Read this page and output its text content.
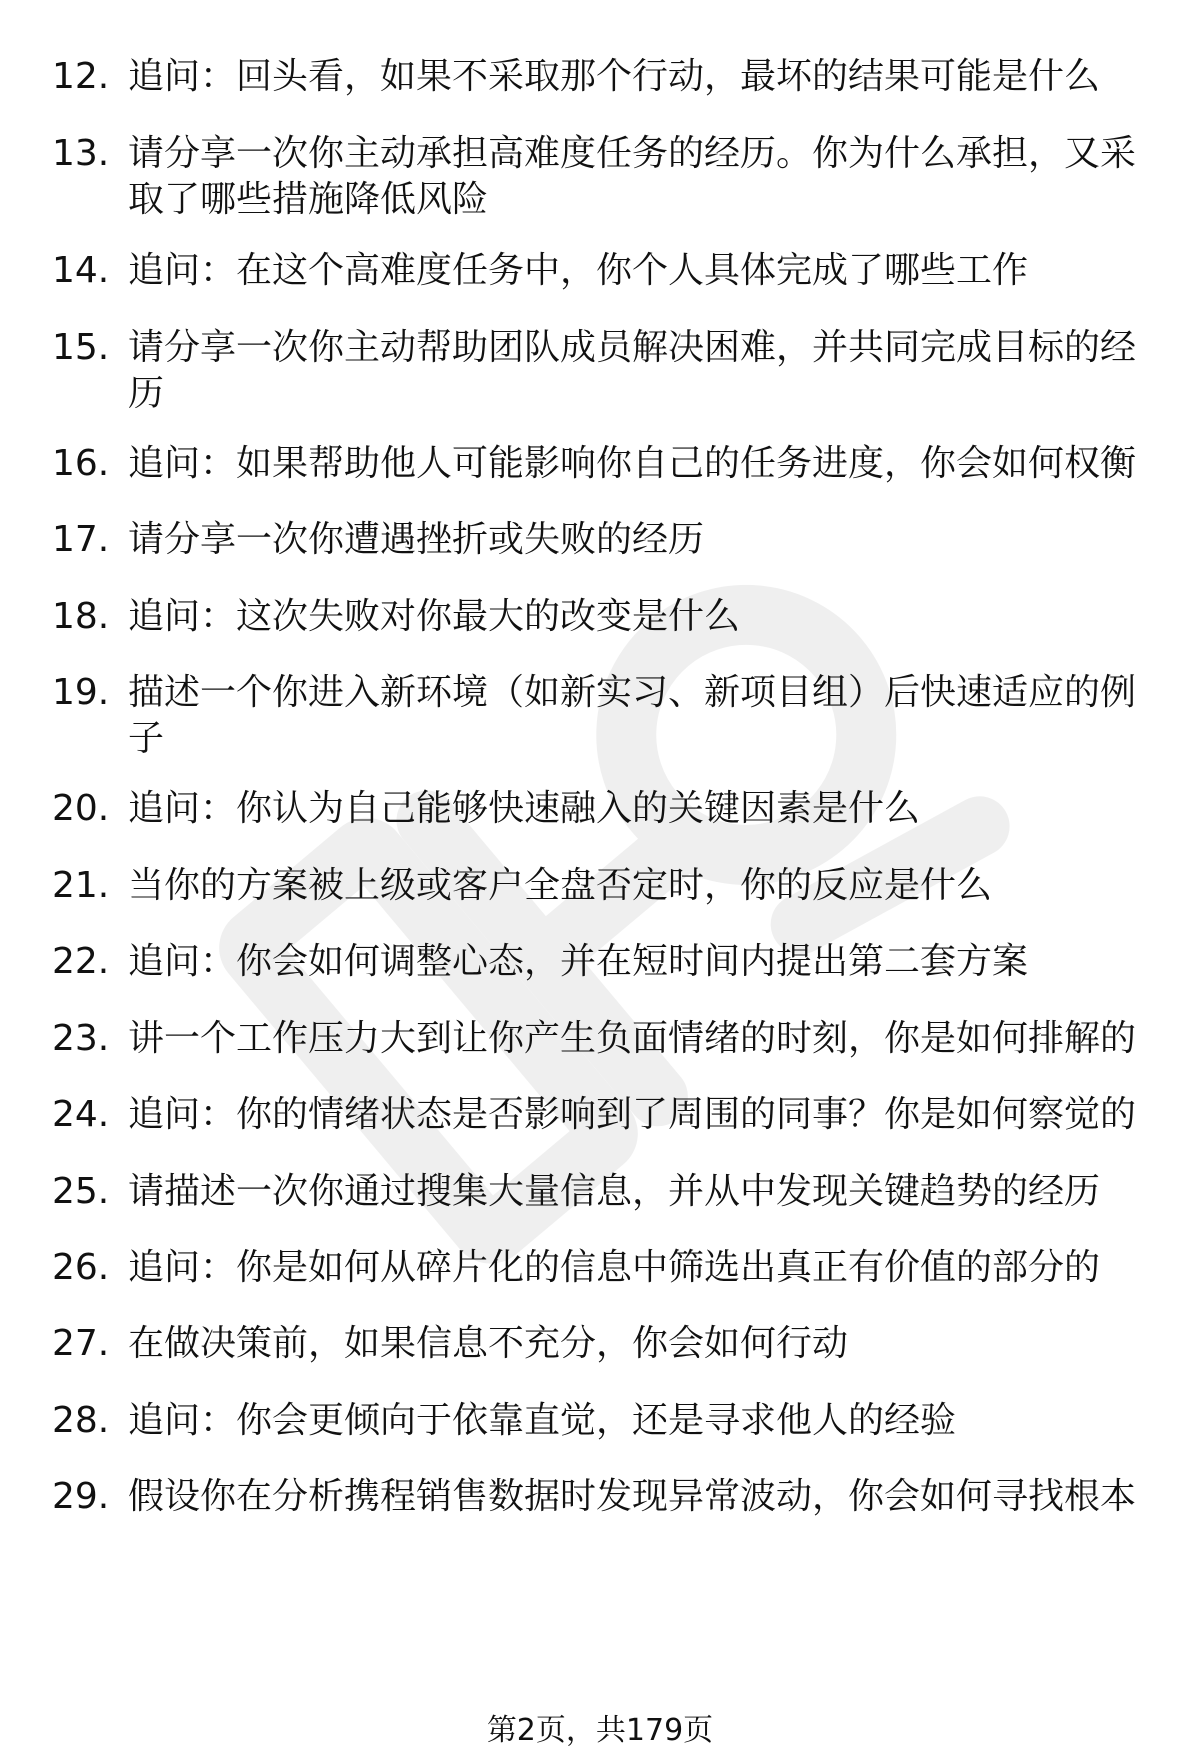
12. 追问：回头看，如果不采取那个行动，最坏的结果可能是什么
13. 请分享一次你主动承担高难度任务的经历。你为什么承担，又采取了哪些措施降低风险
14. 追问：在这个高难度任务中，你个人具体完成了哪些工作
15. 请分享一次你主动帮助团队成员解决困难，并共同完成目标的经历
16. 追问：如果帮助他人可能影响你自己的任务进度，你会如何权衡
17. 请分享一次你遭遇挫折或失败的经历
18. 追问：这次失败对你最大的改变是什么
19. 描述一个你进入新环境（如新实习、新项目组）后快速适应的例子
20. 追问：你认为自己能够快速融入的关键因素是什么
21. 当你的方案被上级或客户全盘否定时，你的反应是什么
22. 追问：你会如何调整心态，并在短时间内提出第二套方案
23. 讲一个工作压力大到让你产生负面情绪的时刻，你是如何排解的
24. 追问：你的情绪状态是否影响到了周围的同事？你是如何察觉的
25. 请描述一次你通过搜集大量信息，并从中发现关键趋势的经历
26. 追问：你是如何从碎片化的信息中筛选出真正有价值的部分的
27. 在做决策前，如果信息不充分，你会如何行动
28. 追问：你会更倾向于依靠直觉，还是寻求他人的经验
29. 假设你在分析携程销售数据时发现异常波动，你会如何寻找根本
第2页，共179页
